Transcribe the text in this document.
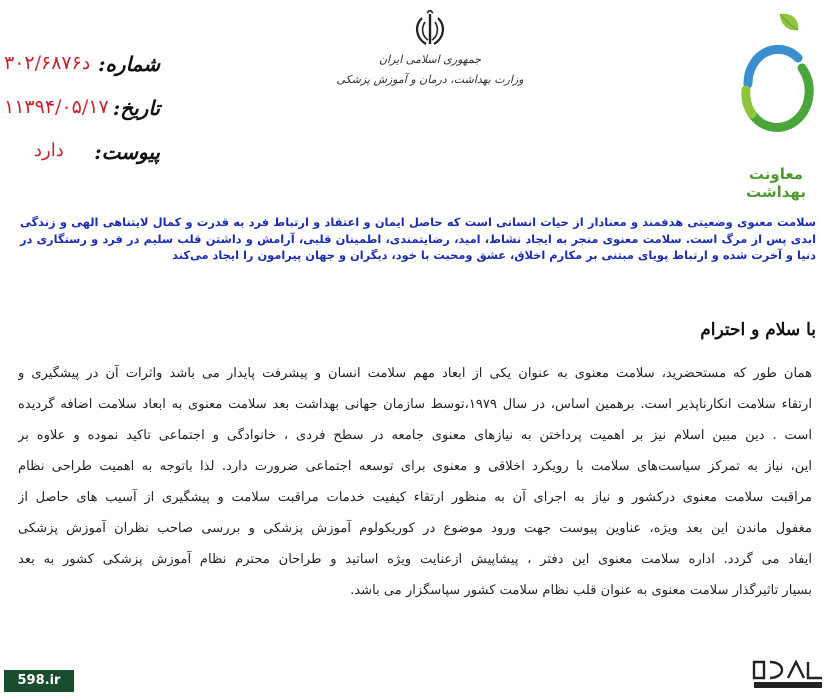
معاونت بهداشت
جمهوری اسلامی ایران
وزارت بهداشت، درمان و آموزش پزشکی
شماره:
۳۰۲/۶۸۷۶د
تاریخ:
۱۱۳۹۴/۰۵/۱۷
پیوست:
دارد
سلامت معنوی وضعیتی هدفمند و معنادار از حیات انسانی است که حاصل ایمان و اعتقاد و ارتباط فرد به قدرت و کمال لایتناهی الهی و زندگی ابدی پس از مرگ است. سلامت معنوی منجر به ایجاد نشاط، امید، رضایتمندی، اطمینان قلبی، آرامش و داشتن قلب سلیم در فرد و رستگاری در دنیا و آخرت شده و ارتباط پویای مبتنی بر مکارم اخلاق، عشق ومحبت با خود، دیگران و جهان پیرامون را ایجاد می‌کند
با سلام و احترام
همان طور که مستحضرید، سلامت معنوی به عنوان یکی از ابعاد مهم سلامت انسان و پیشرفت پایدار می باشد واثرات آن در پیشگیری و
ارتقاء سلامت انکارناپذیر است. برهمین اساس، در سال ۱۹۷۹،توسط سازمان جهانی بهداشت بعد سلامت معنوی به ابعاد سلامت اضافه گردیده
است . دین مبین اسلام نیز بر اهمیت پرداختن به نیازهای معنوی جامعه در سطح فردی ، خانوادگی و اجتماعی تاکید نموده و علاوه بر
این، نیاز به تمرکز سیاست‌های سلامت با رویکرد اخلاقی و معنوی برای توسعه اجتماعی ضرورت دارد. لذا باتوجه به اهمیت طراحی نظام
مراقبت سلامت معنوی درکشور و نیاز به اجرای آن به منظور ارتقاء کیفیت خدمات مراقبت سلامت و پیشگیری از آسیب های حاصل از
مغفول ماندن این بعد ویژه، عناوین پیوست جهت ورود موضوع در کوریکولوم آموزش پزشکی و بررسی صاحب نظران آموزش پزشکی
ایفاد می گردد. اداره سلامت معنوی این دفتر ، پیشاپیش ازعنایت ویژه اساتید و طراحان محترم نظام آموزش پزشکی کشور به بعد
بسیار تاثیرگذار سلامت معنوی به عنوان قلب نظام سلامت کشور سپاسگزار می باشد.
598.ir
